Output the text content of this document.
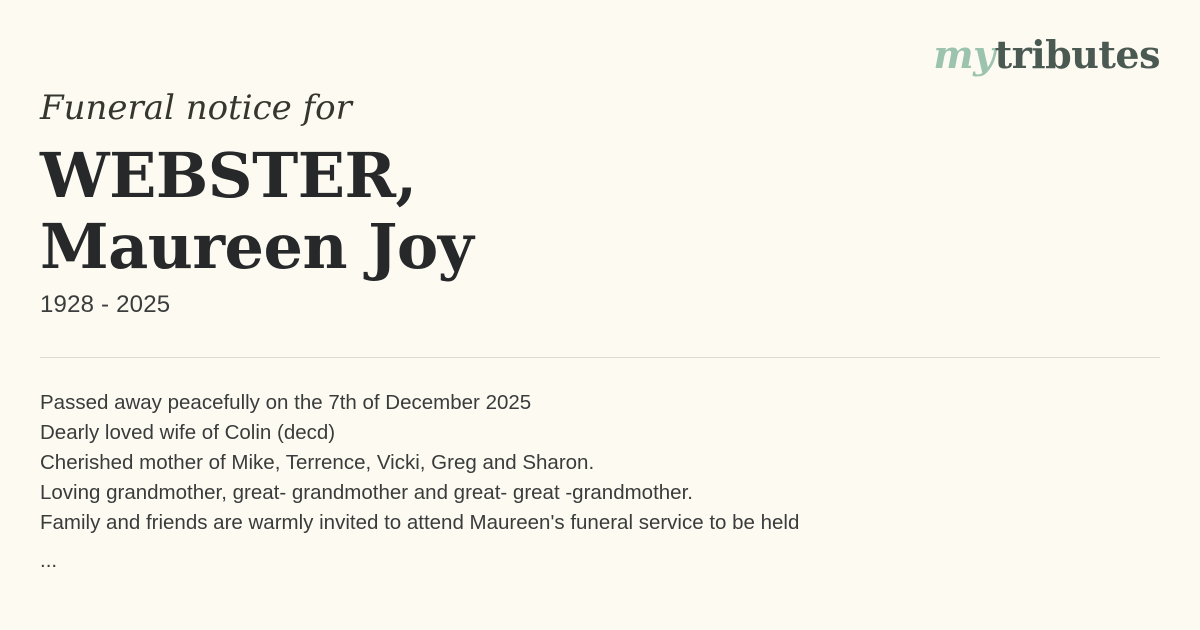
mytributes
Funeral notice for
WEBSTER,
Maureen Joy
1928 - 2025

Passed away peacefully on the 7th of December 2025

Dearly loved wife of Colin (decd)

Cherished mother of Mike, Terrence, Vicki, Greg and Sharon.

Loving grandmother, great- grandmother and great- great -grandmother.

Family and friends are warmly invited to attend Maureen's funeral service to be held

...
